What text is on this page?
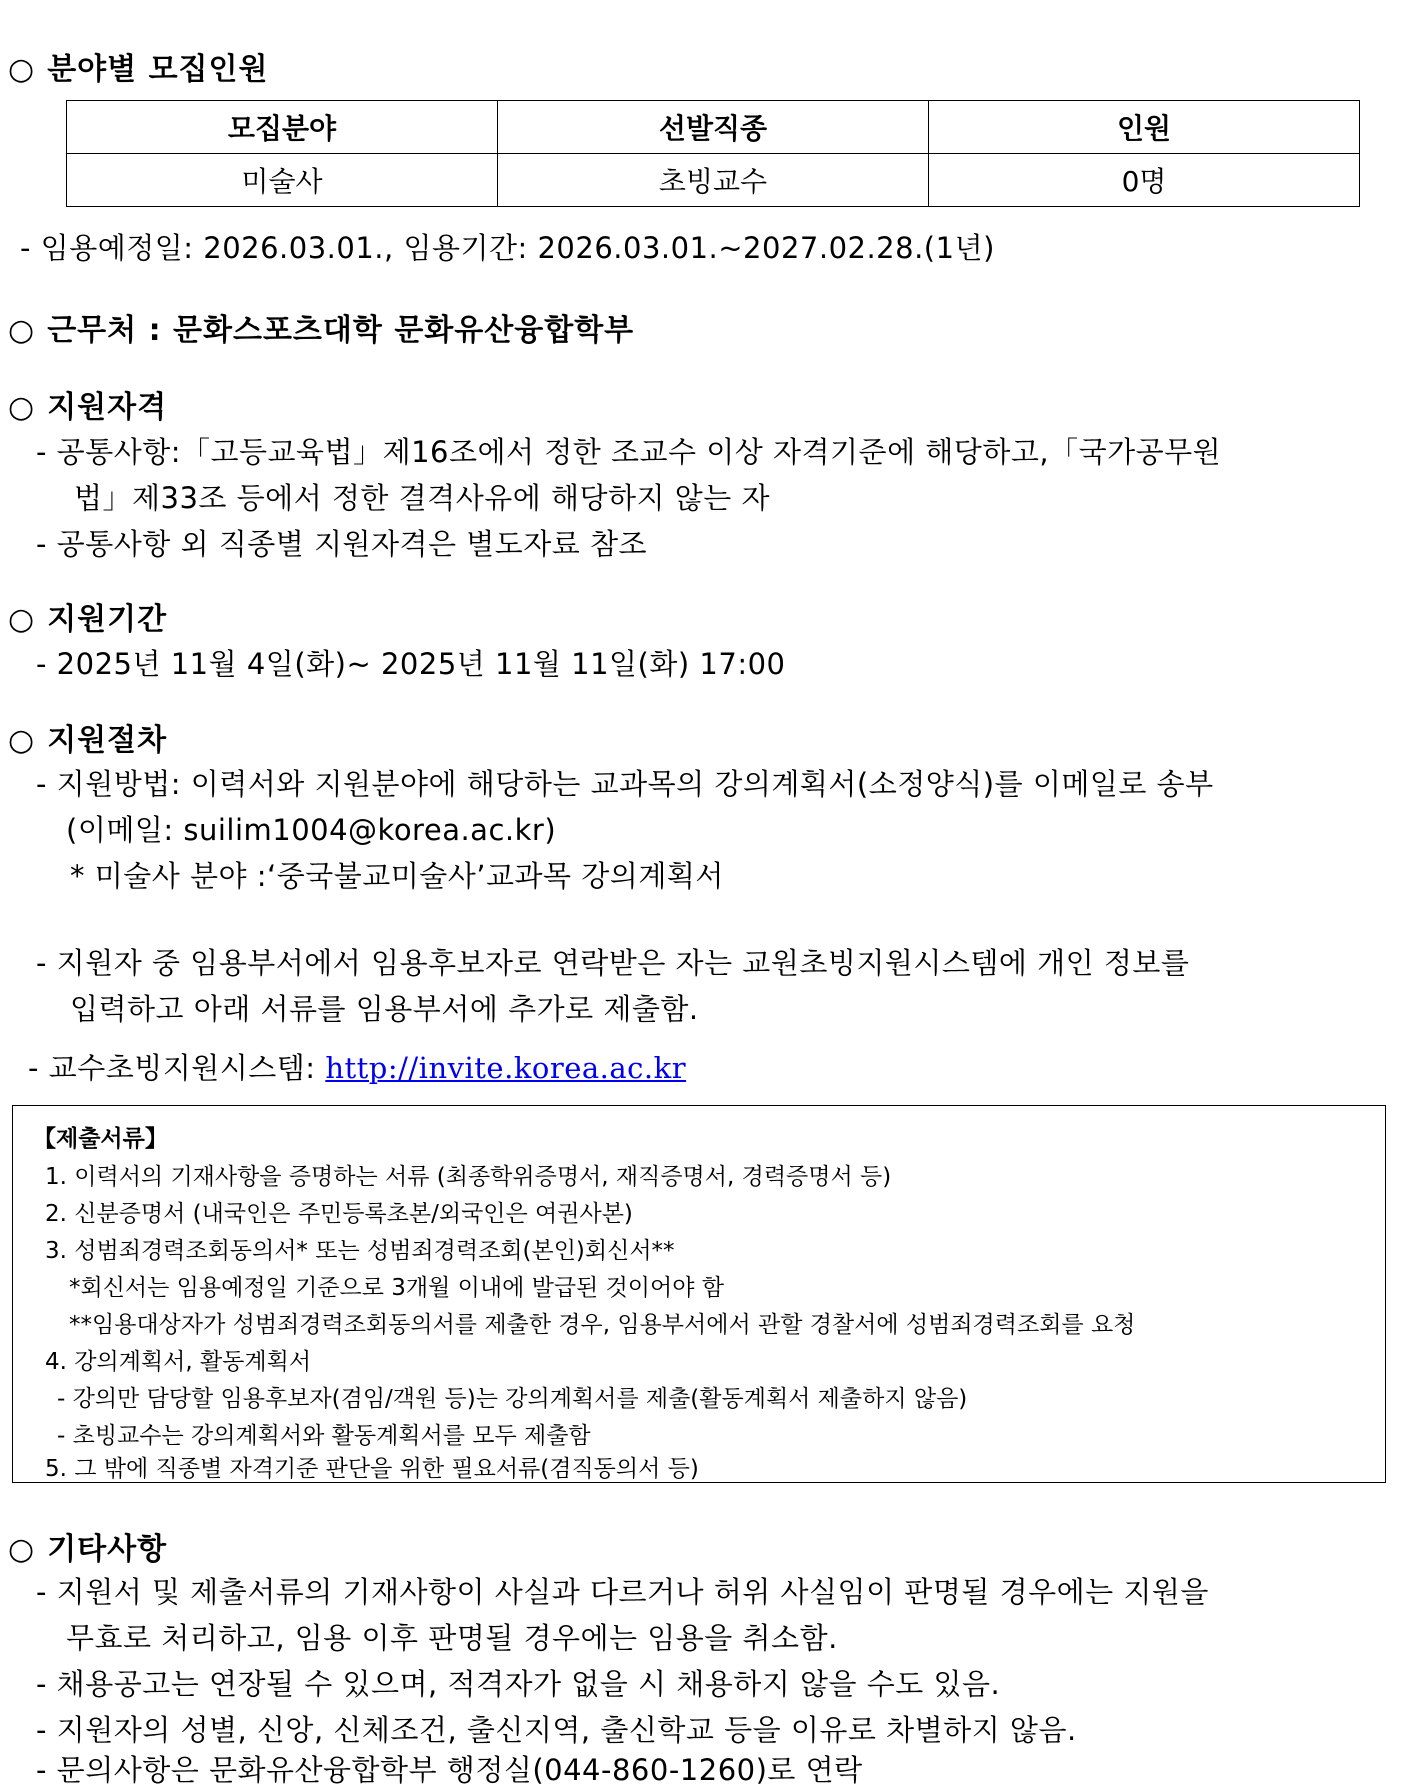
○ 분야별 모집인원
모집분야	선발직종	인원
미술사	초빙교수	0명
- 임용예정일: 2026.03.01., 임용기간: 2026.03.01.~2027.02.28.(1년)
○ 근무처 : 문화스포츠대학 문화유산융합학부
○ 지원자격
- 공통사항:「고등교육법」제16조에서 정한 조교수 이상 자격기준에 해당하고,「국가공무원
법」제33조 등에서 정한 결격사유에 해당하지 않는 자
- 공통사항 외 직종별 지원자격은 별도자료 참조
○ 지원기간
- 2025년 11월 4일(화)~ 2025년 11월 11일(화) 17:00
○ 지원절차
- 지원방법: 이력서와 지원분야에 해당하는 교과목의 강의계획서(소정양식)를 이메일로 송부
(이메일: suilim1004@korea.ac.kr)
* 미술사 분야 :‘중국불교미술사’교과목 강의계획서
- 지원자 중 임용부서에서 임용후보자로 연락받은 자는 교원초빙지원시스템에 개인 정보를
입력하고 아래 서류를 임용부서에 추가로 제출함.
- 교수초빙지원시스템: http://invite.korea.ac.kr
【제출서류】
1. 이력서의 기재사항을 증명하는 서류 (최종학위증명서, 재직증명서, 경력증명서 등)
2. 신분증명서 (내국인은 주민등록초본/외국인은 여권사본)
3. 성범죄경력조회동의서* 또는 성범죄경력조회(본인)회신서**
*회신서는 임용예정일 기준으로 3개월 이내에 발급된 것이어야 함
**임용대상자가 성범죄경력조회동의서를 제출한 경우, 임용부서에서 관할 경찰서에 성범죄경력조회를 요청
4. 강의계획서, 활동계획서
- 강의만 담당할 임용후보자(겸임/객원 등)는 강의계획서를 제출(활동계획서 제출하지 않음)
- 초빙교수는 강의계획서와 활동계획서를 모두 제출함
5. 그 밖에 직종별 자격기준 판단을 위한 필요서류(겸직동의서 등)
○ 기타사항
- 지원서 및 제출서류의 기재사항이 사실과 다르거나 허위 사실임이 판명될 경우에는 지원을
무효로 처리하고, 임용 이후 판명될 경우에는 임용을 취소함.
- 채용공고는 연장될 수 있으며, 적격자가 없을 시 채용하지 않을 수도 있음.
- 지원자의 성별, 신앙, 신체조건, 출신지역, 출신학교 등을 이유로 차별하지 않음.
- 문의사항은 문화유산융합학부 행정실(044-860-1260)로 연락
